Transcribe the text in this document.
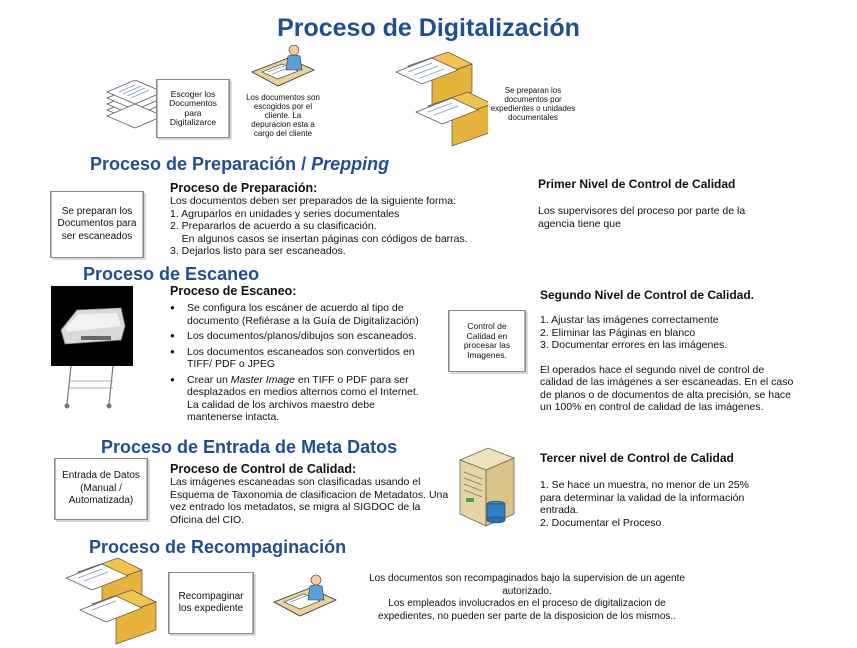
Proceso de Digitalización
Escoger los Documentos para Digitalizarce
Los documentos son escogidos por el cliente. La depuracion esta a cargo del cliente
Se preparan los documentos por expedientes o unidades documentales
Proceso de Preparación / Prepping
Se preparan los Documentos para ser escaneados
Proceso de Preparación:
Los documentos deben ser preparados de la siguiente forma:
1. Agruparlos en unidades y series documentales
2. Prepararlos de acuerdo a su clasificación.
En algunos casos se insertan páginas con códigos de barras.
3. Dejarlos listo para ser escaneados.
Primer Nivel de Control de Calidad
Los supervisores del proceso por parte de la agencia tiene que
Proceso de Escaneo
Proceso de Escaneo:
● Se configura los escáner de acuerdo al tipo de documento (Refiérase a la Guía de Digitalización)
● Los documentos/planos/dibujos son escaneados.
● Los documentos escaneados son convertidos en TIFF/ PDF o JPEG
● Crear un Master Image en TIFF o PDF para ser desplazados en medios alternos como el Internet. La calidad de los archivos maestro debe mantenerse intacta.
Control de Calidad en procesar las Imagenes.
Segundo Nivel de Control de Calidad.
1. Ajustar las imágenes correctamente
2. Eliminar las Páginas en blanco
3. Documentar errores en las imágenes.
El operados hace el segundo nivel de control de calidad de las imágenes a ser escaneadas. En el caso de planos o de documentos de alta precisión, se hace un 100% en control de calidad de las imágenes.
Proceso de Entrada de Meta Datos
Entrada de Datos (Manual / Automatizada)
Proceso de Control de Calidad:
Las imágenes escaneadas son clasificadas usando el Esquema de Taxonomia de clasificacion de Metadatos. Una vez entrado los metadatos, se migra al SIGDOC de la Oficina del CIO.
Tercer nivel de Control de Calidad
1. Se hace un muestra, no menor de un 25% para determinar la validad de la información entrada.
2. Documentar el Proceso
Proceso de Recompaginación
Recompaginar los expediente
Los documentos son recompaginados bajo la supervision de un agente autorizado.
Los empleados involucrados en el proceso de digitalizacion de expedientes, no pueden ser parte de la disposicion de los mismos..
